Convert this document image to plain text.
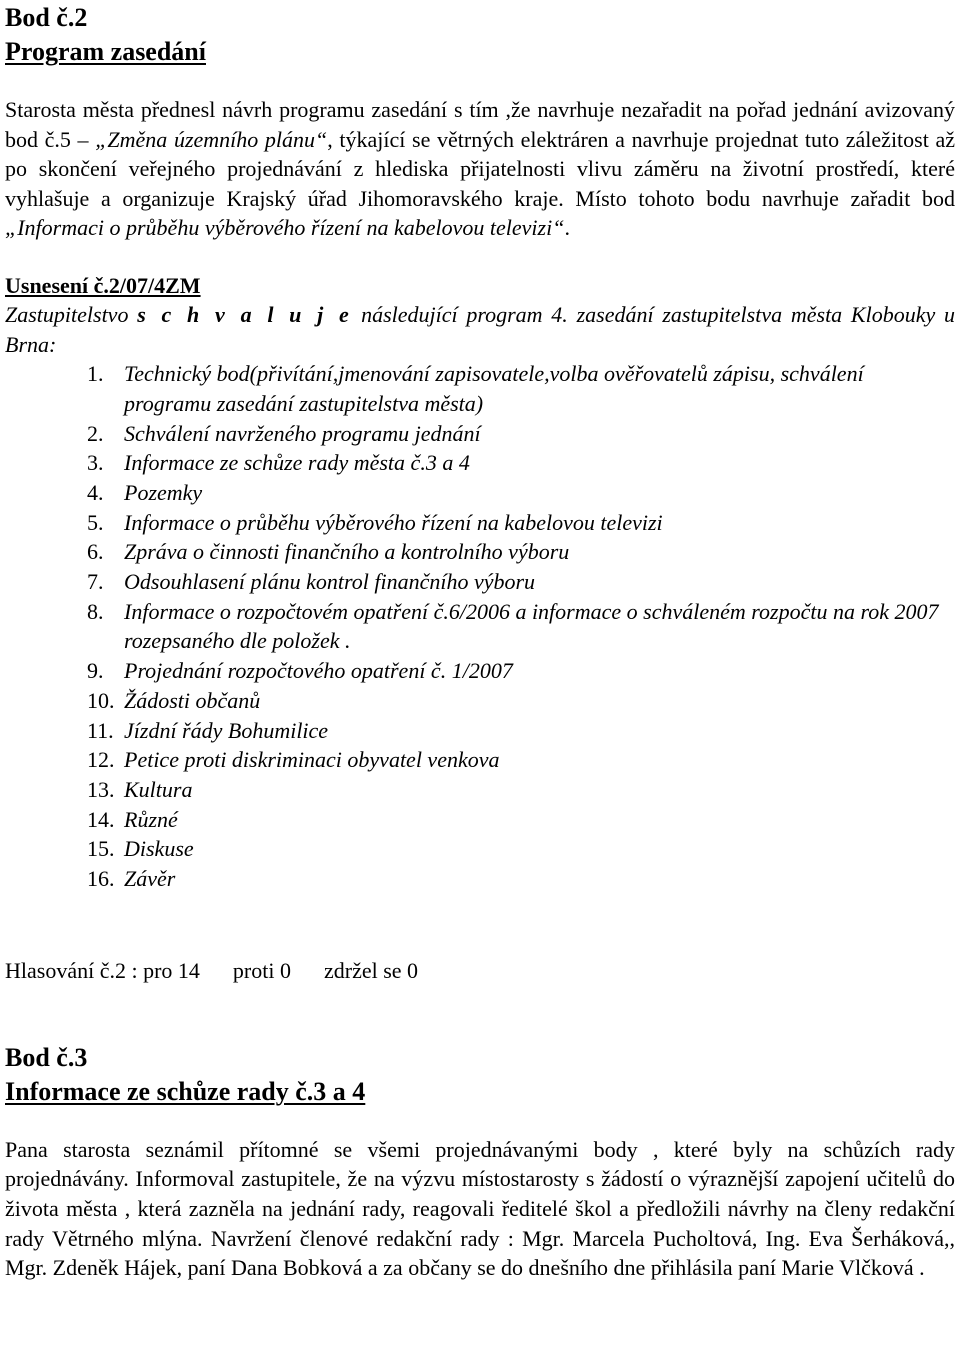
Bod č.2

Program zasedání

Starosta města přednesl návrh programu zasedání s tím ,že navrhuje nezařadit na pořad jednání avizovaný bod č.5 – „Změna územního plánu“, týkající se větrných elektráren a navrhuje projednat tuto záležitost až po skončení veřejného projednávání z hlediska přijatelnosti vlivu záměru na životní prostředí, které vyhlašuje a organizuje Krajský úřad Jihomoravského kraje. Místo tohoto bodu navrhuje zařadit bod „Informaci o průběhu výběrového řízení na kabelovou televizi“.

Usnesení č.2/07/4ZM

Zastupitelstvo s c h v a l u j e následující program 4. zasedání zastupitelstva města Klobouky u Brna:

1. Technický bod(přivítání,jmenování zapisovatele,volba ověřovatelů zápisu, schválení programu zasedání zastupitelstva města)
2. Schválení navrženého programu jednání
3. Informace ze schůze rady města č.3 a 4
4. Pozemky
5. Informace o průběhu výběrového řízení na kabelovou televizi
6. Zpráva o činnosti finančního a kontrolního výboru
7. Odsouhlasení plánu kontrol finančního výboru
8. Informace o rozpočtovém opatření č.6/2006 a informace o schváleném rozpočtu na rok 2007 rozepsaného dle položek .
9. Projednání rozpočtového opatření č. 1/2007
10. Žádosti občanů
11. Jízdní řády Bohumilice
12. Petice proti diskriminaci obyvatel venkova
13. Kultura
14. Různé
15. Diskuse
16. Závěr

Hlasování č.2 : pro 14 proti 0 zdržel se 0

Bod č.3

Informace ze schůze rady č.3 a 4

Pana starosta seznámil přítomné se všemi projednávanými body , které byly na schůzích rady projednávány. Informoval zastupitele, že na výzvu místostarosty s žádostí o výraznější zapojení učitelů do života města , která zazněla na jednání rady, reagovali ředitelé škol a předložili návrhy na členy redakční rady Větrného mlýna. Navržení členové redakční rady : Mgr. Marcela Pucholtová, Ing. Eva Šerháková,, Mgr. Zdeněk Hájek, paní Dana Bobková a za občany se do dnešního dne přihlásila paní Marie Vlčková .
